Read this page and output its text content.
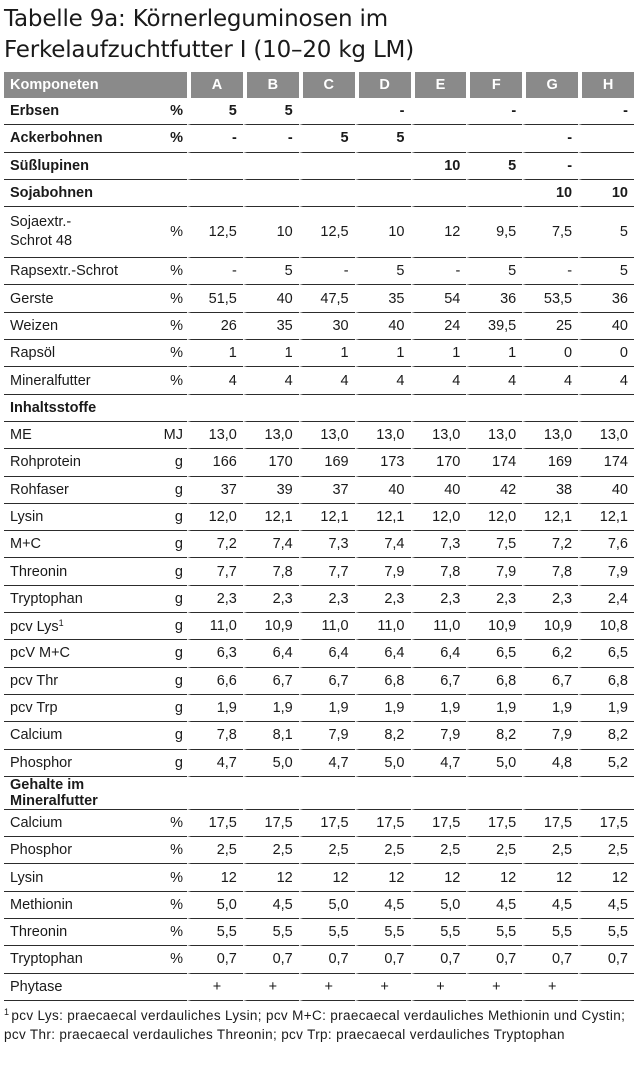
Tabelle 9a: Körnerleguminosen im
Ferkelaufzuchtfutter I (10–20 kg LM)
Komponeten		A	B	C	D	E	F	G	H
Erbsen	%	5	5		-		-		-
Ackerbohnen	%	-	-	5	5			-	
Süßlupinen						10	5	-	
Sojabohnen								10	10
Sojaextr.-Schrot 48	%	12,5	10	12,5	10	12	9,5	7,5	5
Rapsextr.-Schrot	%	-	5	-	5	-	5	-	5
Gerste	%	51,5	40	47,5	35	54	36	53,5	36
Weizen	%	26	35	30	40	24	39,5	25	40
Rapsöl	%	1	1	1	1	1	1	0	0
Mineralfutter	%	4	4	4	4	4	4	4	4
Inhaltsstoffe									
ME	MJ	13,0	13,0	13,0	13,0	13,0	13,0	13,0	13,0
Rohprotein	g	166	170	169	173	170	174	169	174
Rohfaser	g	37	39	37	40	40	42	38	40
Lysin	g	12,0	12,1	12,1	12,1	12,0	12,0	12,1	12,1
M+C	g	7,2	7,4	7,3	7,4	7,3	7,5	7,2	7,6
Threonin	g	7,7	7,8	7,7	7,9	7,8	7,9	7,8	7,9
Tryptophan	g	2,3	2,3	2,3	2,3	2,3	2,3	2,3	2,4
pcv Lys$^1$	g	11,0	10,9	11,0	11,0	11,0	10,9	10,9	10,8
pcV M+C	g	6,3	6,4	6,4	6,4	6,4	6,5	6,2	6,5
pcv Thr	g	6,6	6,7	6,7	6,8	6,7	6,8	6,7	6,8
pcv Trp	g	1,9	1,9	1,9	1,9	1,9	1,9	1,9	1,9
Calcium	g	7,8	8,1	7,9	8,2	7,9	8,2	7,9	8,2
Phosphor	g	4,7	5,0	4,7	5,0	4,7	5,0	4,8	5,2
Gehalte im Mineralfutter									
Calcium	%	17,5	17,5	17,5	17,5	17,5	17,5	17,5	17,5
Phosphor	%	2,5	2,5	2,5	2,5	2,5	2,5	2,5	2,5
Lysin	%	12	12	12	12	12	12	12	12
Methionin	%	5,0	4,5	5,0	4,5	5,0	4,5	4,5	4,5
Threonin	%	5,5	5,5	5,5	5,5	5,5	5,5	5,5	5,5
Tryptophan	%	0,7	0,7	0,7	0,7	0,7	0,7	0,7	0,7
Phytase		+	+	+	+	+	+	+	
$^1$ pcv Lys: praecaecal verdauliches Lysin; pcv M+C: praecaecal verdauliches Methionin und Cystin; pcv Thr: praecaecal verdauliches Threonin; pcv Trp: praecaecal verdauliches Tryptophan
